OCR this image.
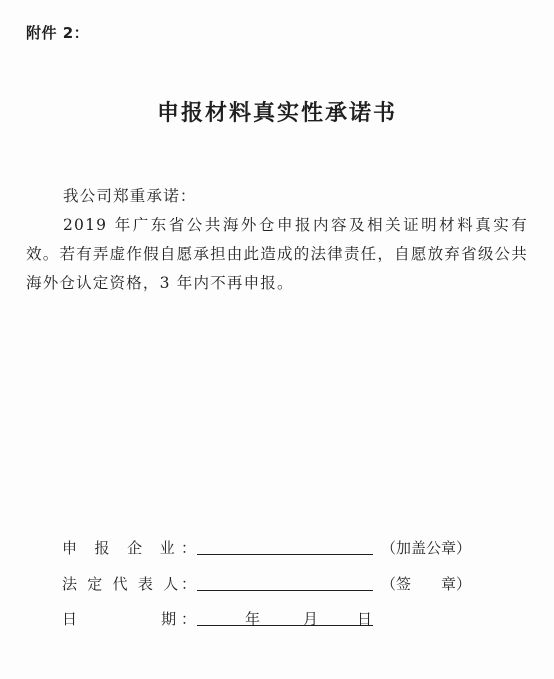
附件 2：
申报材料真实性承诺书

我公司郑重承诺：

2019 年广东省公共海外仓申报内容及相关证明材料真实有效。若有弄虚作假自愿承担由此造成的法律责任，自愿放弃省级公共海外仓认定资格，3 年内不再申报。

申 报 企 业：	（加盖公章）
法 定 代 表 人：	（签　　章）
日　　　　期：	年	月	日
